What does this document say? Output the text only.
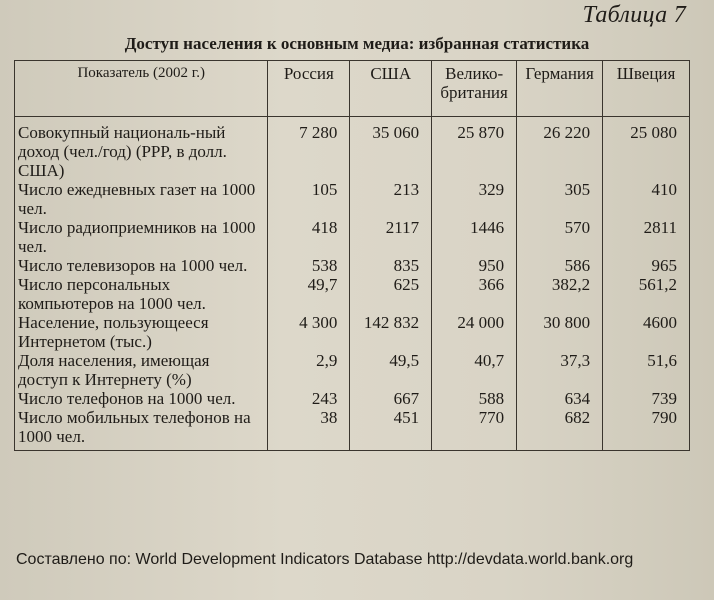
Таблица 7
Доступ населения к основным медиа: избранная статистика
Показатель (2002 г.)	Россия	США	Велико-британия	Германия	Швеция
Совокупный националь-ный доход (чел./год) (PPP, в долл. США)	7 280	35 060	25 870	26 220	25 080
Число ежедневных газет на 1000 чел.	105	213	329	305	410
Число радиоприемников на 1000 чел.	418	2117	1446	570	2811
Число телевизоров на 1000 чел.	538	835	950	586	965
Число персональных компьютеров на 1000 чел.	49,7	625	366	382,2	561,2
Население, пользующееся Интернетом (тыс.)	4 300	142 832	24 000	30 800	4600
Доля населения, имеющая доступ к Интернету (%)	2,9	49,5	40,7	37,3	51,6
Число телефонов на 1000 чел.	243	667	588	634	739
Число мобильных телефонов на 1000 чел.	38	451	770	682	790
Составлено по: World Development Indicators Database http://devdata.world.bank.org
